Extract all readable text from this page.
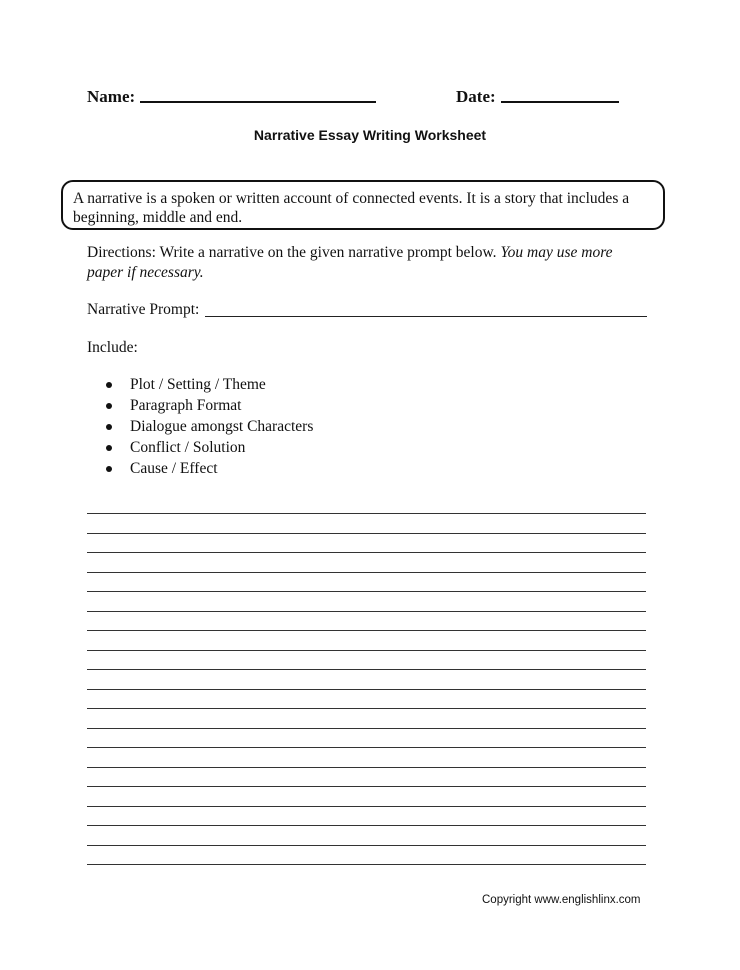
Name:	Date:
Narrative Essay Writing Worksheet
A narrative is a spoken or written account of connected events. It is a story that includes a beginning, middle and end.
Directions: Write a narrative on the given narrative prompt below. You may use more paper if necessary.
Narrative Prompt:
Include:
Plot / Setting / Theme
Paragraph Format
Dialogue amongst Characters
Conflict / Solution
Cause / Effect
Copyright www.englishlinx.com
